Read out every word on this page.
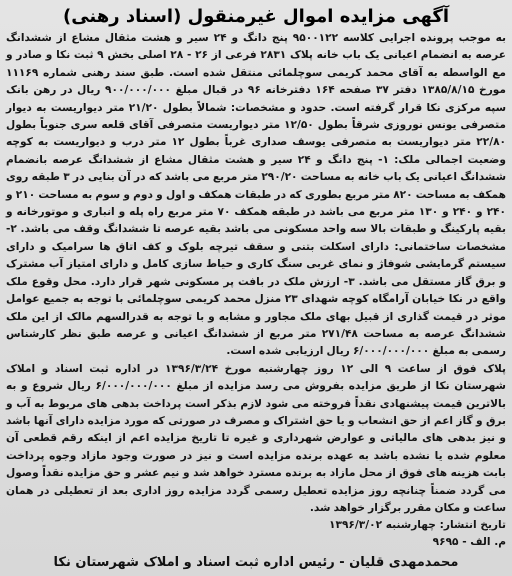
آگهی مزایده اموال غیرمنقول (اسناد رهنی)

به موجب پرونده اجرایی کلاسه ۹۵۰۰۱۲۲ پنج دانگ و ۲۴ سیر و هشت مثقال مشاع از ششدانگ عرصه به انضمام اعیانی یک باب خانه پلاک ۲۸۳۱ فرعی از ۲۶ - ۲۸ اصلی بخش ۹ ثبت نکا و صادر و مع الواسطه به آقای محمد کریمی سوچلمائی منتقل شده است. طبق سند رهنی شماره ۱۱۱۶۹ مورخ ۱۳۸۵/۸/۱۵ دفتر ۳۷ صفحه ۱۶۴ دفترخانه ۹۶ در قبال مبلغ ۹۰۰/۰۰۰/۰۰۰ ریال در رهن بانک سپه مرکزی نکا قرار گرفته است. حدود و مشخصات: شمالاً بطول ۲۱/۲۰ متر دیواریست به دیوار متصرفی یونس نوروزی شرقاً بطول ۱۲/۵۰ متر دیواریست متصرفی آقای قلعه سری جنوباً بطول ۲۲/۸۰ متر دیواریست به متصرفی یوسف صداری غرباً بطول ۱۲ متر درب و دیواریست به کوچه وضعیت اجمالی ملک: ۱- پنج دانگ و ۲۴ سیر و هشت مثقال مشاع از ششدانگ عرصه بانضمام ششدانگ اعیانی یک باب خانه به مساحت ۲۹۰/۲۰ متر مربع می باشد که در آن بنایی در ۳ طبقه روی همکف به مساحت ۸۲۰ متر مربع بطوری که در طبقات همکف و اول و دوم و سوم به مساحت ۲۱۰ و ۲۴۰ و ۲۴۰ و ۱۳۰ متر مربع می باشد در طبقه همکف ۷۰ متر مربع راه پله و انباری و موتورخانه و بقیه پارکینگ و طبقات بالا سه واحد مسکونی می باشد بقیه عرصه تا ششدانگ وقف می باشد. ۲- مشخصات ساختمانی: دارای اسکلت بتنی و سقف تیرچه بلوک و کف اتاق ها سرامیک و دارای سیستم گرمایشی شوفاژ و نمای غربی سنگ کاری و حیاط سازی کامل و دارای امتیاز آب مشترک و برق گاز مستقل می باشد. ۳- ارزش ملک در بافت پر مسکونی شهر قرار دارد. محل وقوع ملک واقع در نکا خیابان آرامگاه کوچه شهدای ۲۳ منزل محمد کریمی سوچلمائی با توجه به جمیع عوامل موثر در قیمت گذاری از قبیل بهای ملک مجاور و مشابه و با توجه به قدرالسهم مالک از این ملک ششدانگ عرصه به مساحت ۲۷۱/۴۸ متر مربع از ششدانگ اعیانی و عرصه طبق نظر کارشناس رسمی به مبلغ ۶/۰۰۰/۰۰۰/۰۰۰ ریال ارزیابی شده است.

پلاک فوق از ساعت ۹ الی ۱۲ روز چهارشنبه مورخ ۱۳۹۶/۳/۲۴ در اداره ثبت اسناد و املاک شهرستان نکا از طریق مزایده بفروش می رسد مزایده از مبلغ ۶/۰۰۰/۰۰۰/۰۰۰ ریال شروع و به بالاترین قیمت پیشنهادی نقداً فروخته می شود لازم بذکر است پرداخت بدهی های مربوط به آب و برق و گاز اعم از حق انشعاب و یا حق اشتراک و مصرف در صورتی که مورد مزایده دارای آنها باشد و نیز بدهی های مالیاتی و عوارض شهرداری و غیره تا تاریخ مزایده اعم از اینکه رقم قطعی آن معلوم شده یا نشده باشد به عهده برنده مزایده است و نیز در صورت وجود مازاد وجوه پرداخت بابت هزینه های فوق از محل مازاد به برنده مسترد خواهد شد و نیم عشر و حق مزایده نقداً وصول می گردد ضمناً چنانچه روز مزایده تعطیل رسمی گردد مزایده روز اداری بعد از تعطیلی در همان ساعت و مکان مقرر برگزار خواهد شد.

تاریخ انتشار: چهارشنبه ۱۳۹۶/۳/۰۲
م. الف - ۹۶۹۵
محمدمهدی قلیان - رئیس اداره ثبت اسناد و املاک شهرستان نکا
